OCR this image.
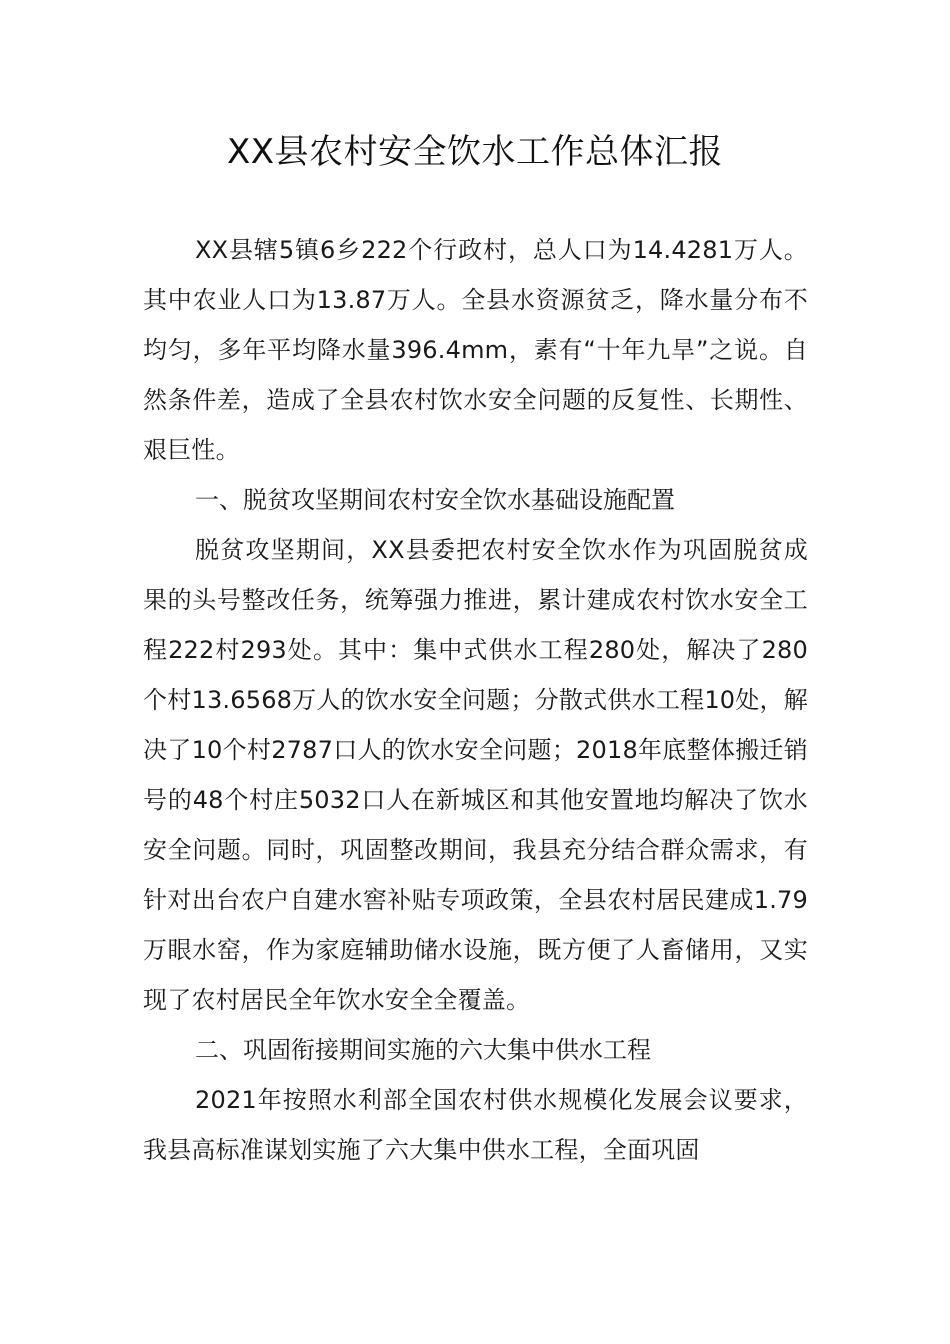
XX县农村安全饮水工作总体汇报

XX县辖5镇6乡222个行政村，总人口为14.4281万人。其中农业人口为13.87万人。全县水资源贫乏，降水量分布不均匀，多年平均降水量396.4mm，素有“十年九旱”之说。自然条件差，造成了全县农村饮水安全问题的反复性、长期性、艰巨性。

一、脱贫攻坚期间农村安全饮水基础设施配置

脱贫攻坚期间，XX县委把农村安全饮水作为巩固脱贫成果的头号整改任务，统筹强力推进，累计建成农村饮水安全工程222村293处。其中：集中式供水工程280处，解决了280个村13.6568万人的饮水安全问题；分散式供水工程10处，解决了10个村2787口人的饮水安全问题；2018年底整体搬迁销号的48个村庄5032口人在新城区和其他安置地均解决了饮水安全问题。同时，巩固整改期间，我县充分结合群众需求，有针对出台农户自建水窖补贴专项政策，全县农村居民建成1.79万眼水窑，作为家庭辅助储水设施，既方便了人畜储用，又实现了农村居民全年饮水安全全覆盖。

二、巩固衔接期间实施的六大集中供水工程

2021年按照水利部全国农村供水规模化发展会议要求，我县高标准谋划实施了六大集中供水工程，全面巩固
